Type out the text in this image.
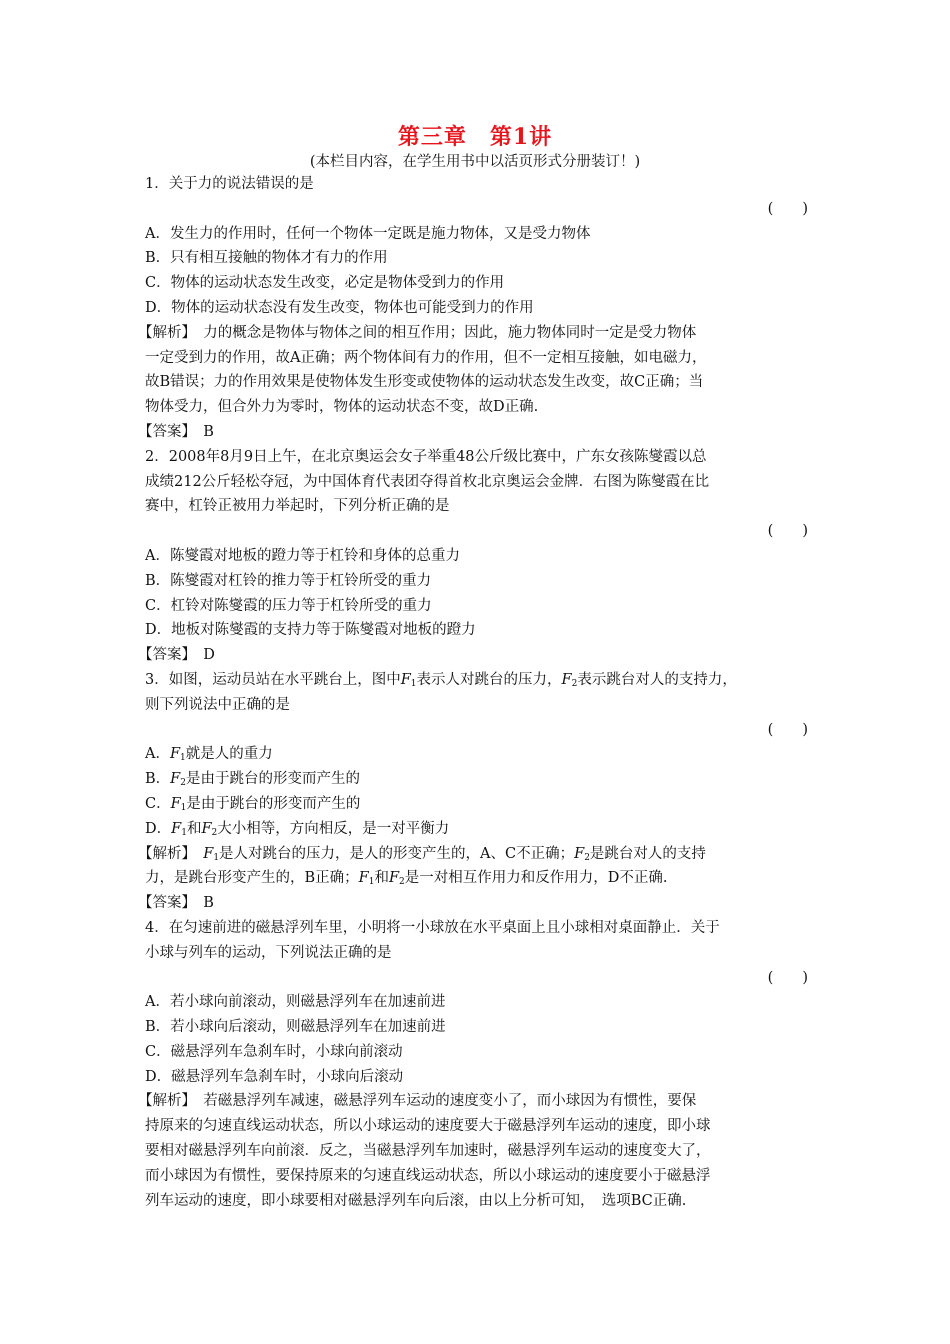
第三章　第1讲
(本栏目内容，在学生用书中以活页形式分册装订！)
1．关于力的说法错误的是
(　　)
A．发生力的作用时，任何一个物体一定既是施力物体，又是受力物体
B．只有相互接触的物体才有力的作用
C．物体的运动状态发生改变，必定是物体受到力的作用
D．物体的运动状态没有发生改变，物体也可能受到力的作用
【解析】　 力的概念是物体与物体之间的相互作用；因此，施力物体同时一定是受力物体
一定受到力的作用，故A正确；两个物体间有力的作用，但不一定相互接触，如电磁力，
故B错误；力的作用效果是使物体发生形变或使物体的运动状态发生改变，故C正确；当
物体受力，但合外力为零时，物体的运动状态不变，故D正确.
【答案】　 B
2．2008年8月9日上午，在北京奥运会女子举重48公斤级比赛中，广东女孩陈燮霞以总
成绩212公斤轻松夺冠，为中国体育代表团夺得首枚北京奥运会金牌．右图为陈燮霞在比
赛中，杠铃正被用力举起时，下列分析正确的是
(　　)
A．陈燮霞对地板的蹬力等于杠铃和身体的总重力
B．陈燮霞对杠铃的推力等于杠铃所受的重力
C．杠铃对陈燮霞的压力等于杠铃所受的重力
D．地板对陈燮霞的支持力等于陈燮霞对地板的蹬力
【答案】　 D
3．如图，运动员站在水平跳台上，图中$F_1$表示人对跳台的压力，$F_2$表示跳台对人的支持力，
则下列说法中正确的是
(　　)
A．$F_1$就是人的重力
B．$F_2$是由于跳台的形变而产生的
C．$F_1$是由于跳台的形变而产生的
D．$F_1$和$F_2$大小相等，方向相反，是一对平衡力
【解析】　 $F_1$是人对跳台的压力，是人的形变产生的，A、C不正确；$F_2$是跳台对人的支持
力，是跳台形变产生的，B正确；$F_1$和$F_2$是一对相互作用力和反作用力，D不正确.
【答案】　 B
4．在匀速前进的磁悬浮列车里，小明将一小球放在水平桌面上且小球相对桌面静止．关于
小球与列车的运动，下列说法正确的是
(　　)
A．若小球向前滚动，则磁悬浮列车在加速前进
B．若小球向后滚动，则磁悬浮列车在加速前进
C．磁悬浮列车急刹车时，小球向前滚动
D．磁悬浮列车急刹车时，小球向后滚动
【解析】　 若磁悬浮列车减速，磁悬浮列车运动的速度变小了，而小球因为有惯性，要保
持原来的匀速直线运动状态，所以小球运动的速度要大于磁悬浮列车运动的速度，即小球
要相对磁悬浮列车向前滚．反之，当磁悬浮列车加速时，磁悬浮列车运动的速度变大了，
而小球因为有惯性，要保持原来的匀速直线运动状态，所以小球运动的速度要小于磁悬浮
列车运动的速度，即小球要相对磁悬浮列车向后滚，由以上分析可知，　选项BC正确.
